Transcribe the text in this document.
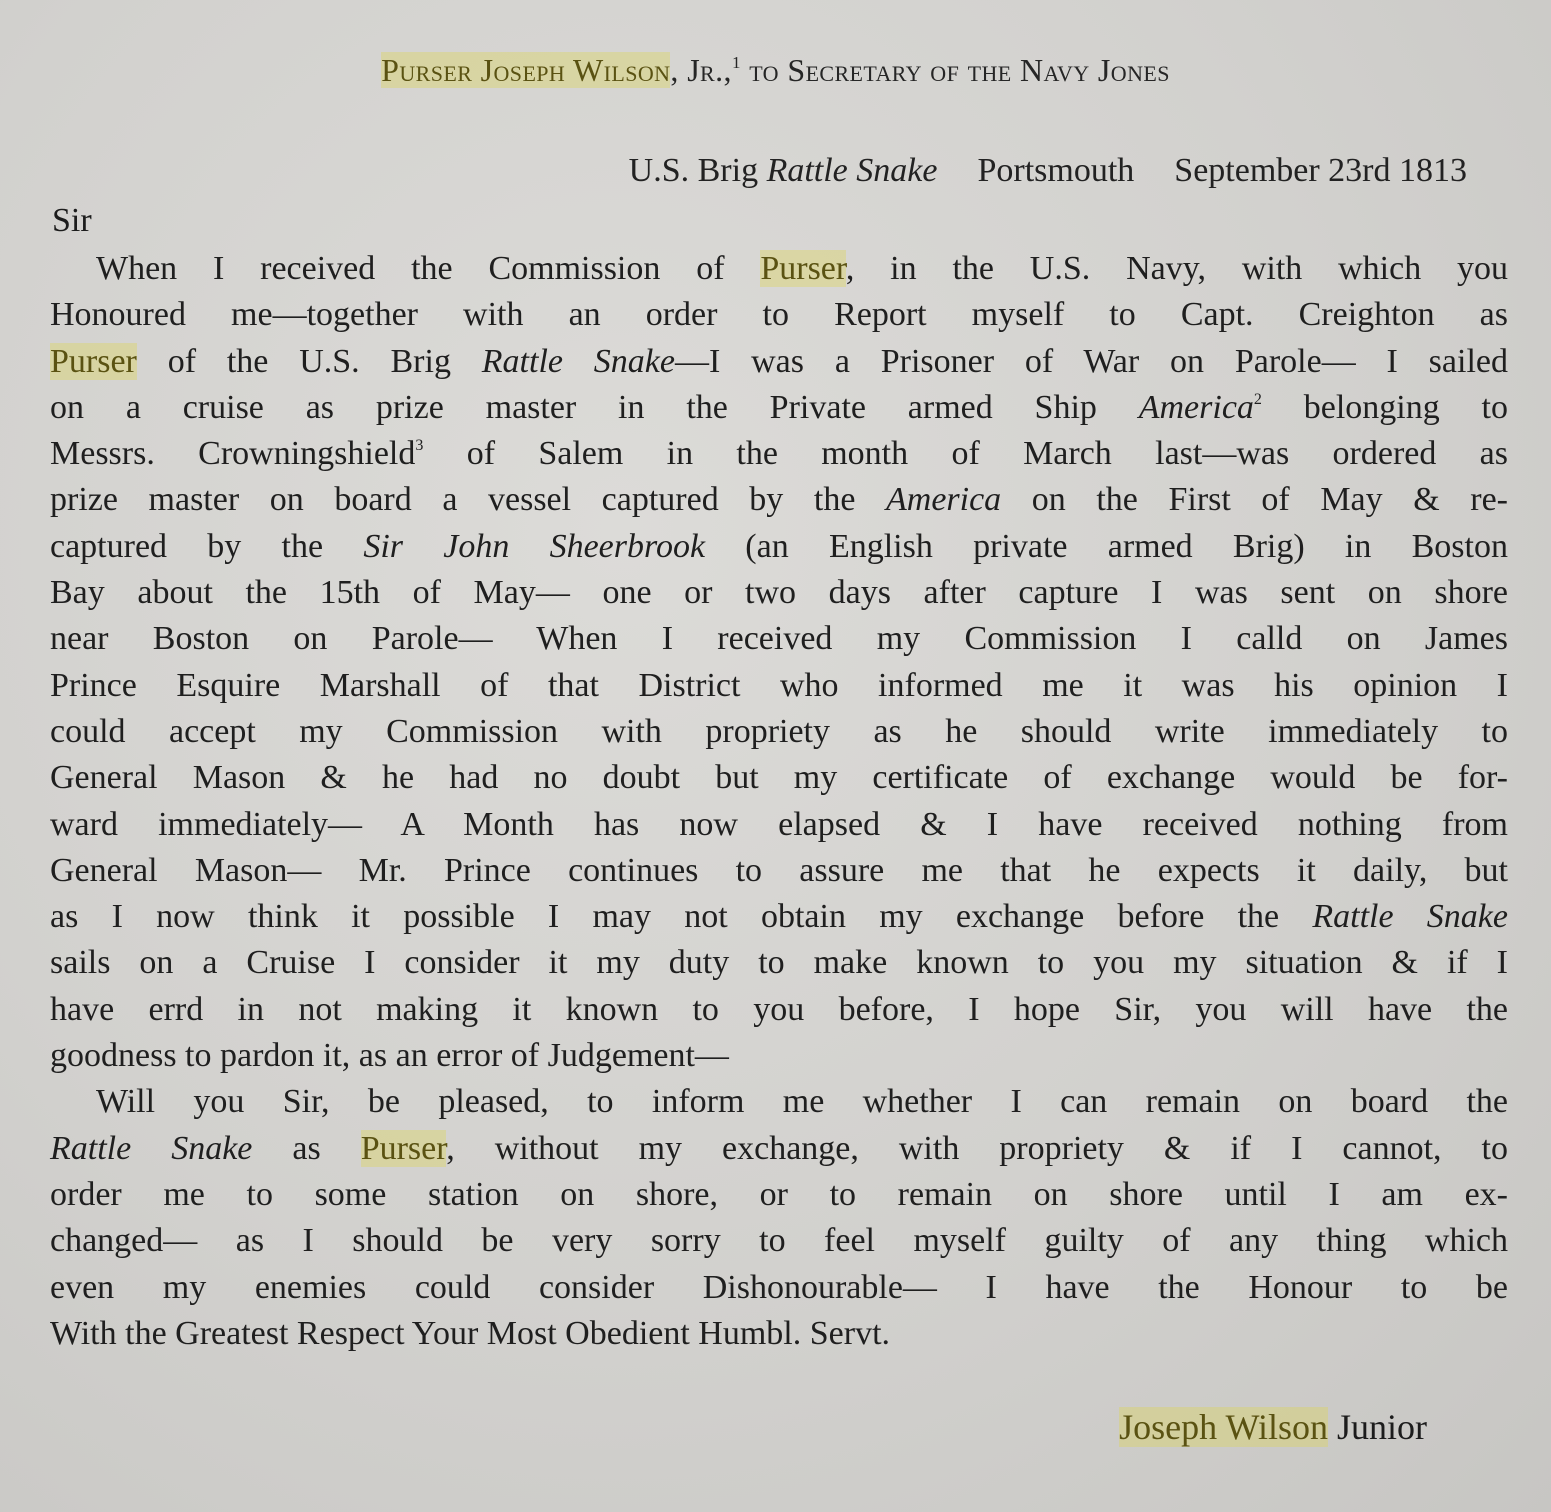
Purser Joseph Wilson, Jr.,$^1$ to Secretary of the Navy Jones
U.S. Brig Rattle Snake Portsmouth September 23rd 1813
Sir
When I received the Commission of Purser, in the U.S. Navy, with which you
Honoured me—together with an order to Report myself to Capt. Creighton as
Purser of the U.S. Brig Rattle Snake—I was a Prisoner of War on Parole— I sailed
on a cruise as prize master in the Private armed Ship America$^2$ belonging to
Messrs. Crowningshield$^3$ of Salem in the month of March last—was ordered as
prize master on board a vessel captured by the America on the First of May & re-
captured by the Sir John Sheerbrook (an English private armed Brig) in Boston
Bay about the 15th of May— one or two days after capture I was sent on shore
near Boston on Parole— When I received my Commission I calld on James
Prince Esquire Marshall of that District who informed me it was his opinion I
could accept my Commission with propriety as he should write immediately to
General Mason & he had no doubt but my certificate of exchange would be for-
ward immediately— A Month has now elapsed & I have received nothing from
General Mason— Mr. Prince continues to assure me that he expects it daily, but
as I now think it possible I may not obtain my exchange before the Rattle Snake
sails on a Cruise I consider it my duty to make known to you my situation & if I
have errd in not making it known to you before, I hope Sir, you will have the
goodness to pardon it, as an error of Judgement—
Will you Sir, be pleased, to inform me whether I can remain on board the
Rattle Snake as Purser, without my exchange, with propriety & if I cannot, to
order me to some station on shore, or to remain on shore until I am ex-
changed— as I should be very sorry to feel myself guilty of any thing which
even my enemies could consider Dishonourable— I have the Honour to be
With the Greatest Respect Your Most Obedient Humbl. Servt.
Joseph Wilson Junior
